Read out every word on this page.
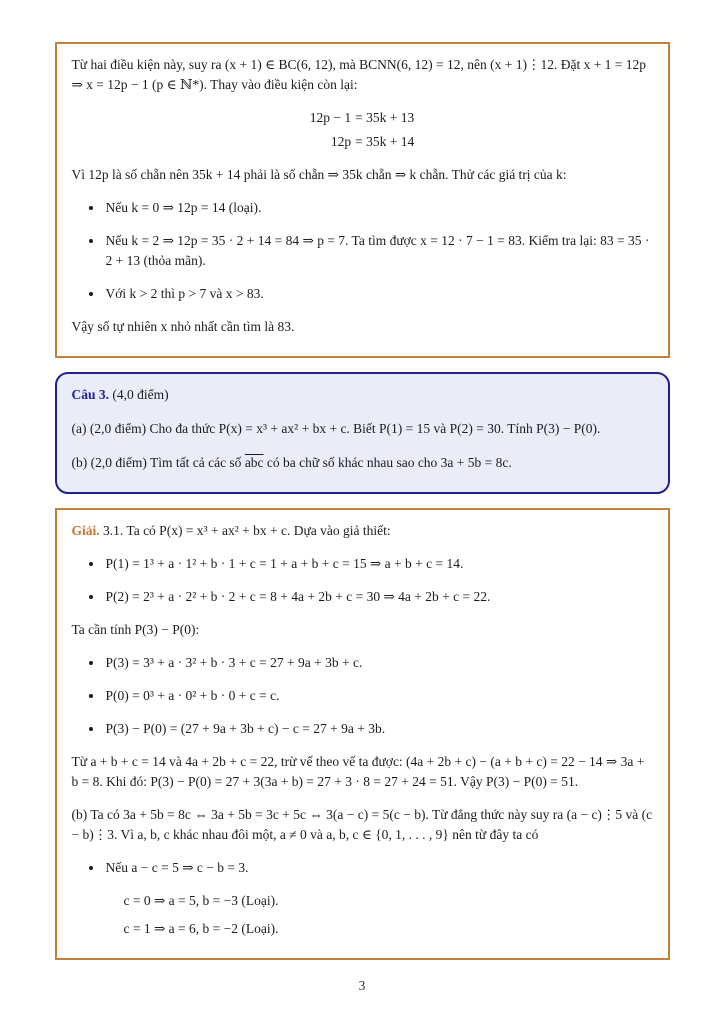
Từ hai điều kiện này, suy ra (x + 1) ∈ BC(6, 12), mà BCNN(6, 12) = 12, nên (x + 1)⋮12. Đặt x + 1 = 12p ⇒ x = 12p − 1 (p ∈ ℕ*). Thay vào điều kiện còn lại:

12p − 1	= 35k + 13
12p	= 35k + 14

Vì 12p là số chẵn nên 35k + 14 phải là số chẵn ⇒ 35k chẵn ⇒ k chẵn. Thử các giá trị của k:

• Nếu k = 0 ⇒ 12p = 14 (loại).
• Nếu k = 2 ⇒ 12p = 35 · 2 + 14 = 84 ⇒ p = 7. Ta tìm được x = 12 · 7 − 1 = 83. Kiểm tra lại: 83 = 35 · 2 + 13 (thỏa mãn).
• Với k > 2 thì p > 7 và x > 83.

Vậy số tự nhiên x nhỏ nhất cần tìm là 83.

Câu 3. (4,0 điểm)

(a) (2,0 điểm) Cho đa thức P(x) = x³ + ax² + bx + c. Biết P(1) = 15 và P(2) = 30. Tính P(3) − P(0).

(b) (2,0 điểm) Tìm tất cả các số $\overline{abc}$ có ba chữ số khác nhau sao cho 3a + 5b = 8c.

Giải. 3.1. Ta có P(x) = x³ + ax² + bx + c. Dựa vào giả thiết:

• P(1) = 1³ + a · 1² + b · 1 + c = 1 + a + b + c = 15 ⇒ a + b + c = 14.
• P(2) = 2³ + a · 2² + b · 2 + c = 8 + 4a + 2b + c = 30 ⇒ 4a + 2b + c = 22.

Ta cần tính P(3) − P(0):

• P(3) = 3³ + a · 3² + b · 3 + c = 27 + 9a + 3b + c.
• P(0) = 0³ + a · 0² + b · 0 + c = c.
• P(3) − P(0) = (27 + 9a + 3b + c) − c = 27 + 9a + 3b.

Từ a + b + c = 14 và 4a + 2b + c = 22, trừ vế theo vế ta được: (4a + 2b + c) − (a + b + c) = 22 − 14 ⇒ 3a + b = 8. Khi đó: P(3) − P(0) = 27 + 3(3a + b) = 27 + 3 · 8 = 27 + 24 = 51. Vậy P(3) − P(0) = 51.

(b) Ta có 3a + 5b = 8c ⇔ 3a + 5b = 3c + 5c ⇔ 3(a − c) = 5(c − b). Từ đẳng thức này suy ra (a − c)⋮5 và (c − b)⋮3. Vì a, b, c khác nhau đôi một, a ≠ 0 và a, b, c ∈ {0, 1, . . . , 9} nên từ đây ta có

• Nếu a − c = 5 ⇒ c − b = 3.
c = 0 ⇒ a = 5, b = −3 (Loại).
c = 1 ⇒ a = 6, b = −2 (Loại).
3
